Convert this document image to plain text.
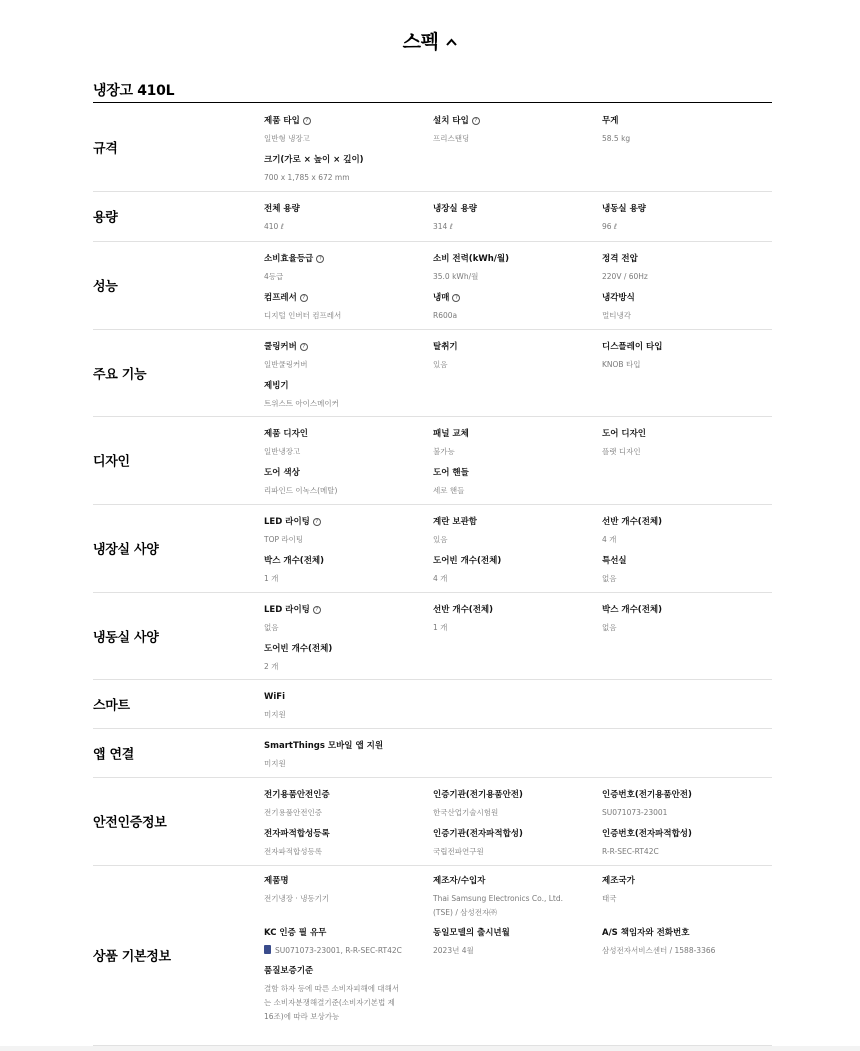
스펙
냉장고 410L
규격
제품 타입 ?
일반형 냉장고
설치 타입 ?
프리스탠딩
무게
58.5 kg
크기(가로 × 높이 × 깊이)
700 x 1,785 x 672 mm
용량
전체 용량
410 ℓ
냉장실 용량
314 ℓ
냉동실 용량
96 ℓ
성능
소비효율등급 ?
4등급
소비 전력(kWh/월)
35.0 kWh/월
정격 전압
220V / 60Hz
컴프레서 ?
디지털 인버터 컴프레서
냉매 ?
R600a
냉각방식
멀티냉각
주요 기능
쿨링커버 ?
일반쿨링커버
탈취기
있음
디스플레이 타입
KNOB 타입
제빙기
트위스트 아이스메이커
디자인
제품 디자인
일반냉장고
패널 교체
불가능
도어 디자인
플랫 디자인
도어 색상
리파인드 이녹스(메탈)
도어 핸들
세로 핸들
냉장실 사양
LED 라이팅 ?
TOP 라이팅
계란 보관함
있음
선반 개수(전체)
4 개
박스 개수(전체)
1 개
도어빈 개수(전체)
4 개
특선실
없음
냉동실 사양
LED 라이팅 ?
없음
선반 개수(전체)
1 개
박스 개수(전체)
없음
도어빈 개수(전체)
2 개
스마트
WiFi
미지원
앱 연결
SmartThings 모바일 앱 지원
미지원
안전인증정보
전기용품안전인증
전기용품안전인증
인증기관(전기용품안전)
한국산업기술시험원
인증번호(전기용품안전)
SU071073-23001
전자파적합성등록
전자파적합성등록
인증기관(전자파적합성)
국립전파연구원
인증번호(전자파적합성)
R-R-SEC-RT42C
상품 기본정보
제품명
전기냉장 · 냉동기기
제조자/수입자
Thai Samsung Electronics Co., Ltd. (TSE) / 삼성전자㈜
제조국가
태국
KC 인증 필 유무
SU071073-23001, R-R-SEC-RT42C
동일모델의 출시년월
2023년 4월
A/S 책임자와 전화번호
삼성전자서비스센터 / 1588-3366
품질보증기준
결함 하자 등에 따른 소비자피해에 대해서는 소비자분쟁해결기준(소비자기본법 제16조)에 따라 보상가능
